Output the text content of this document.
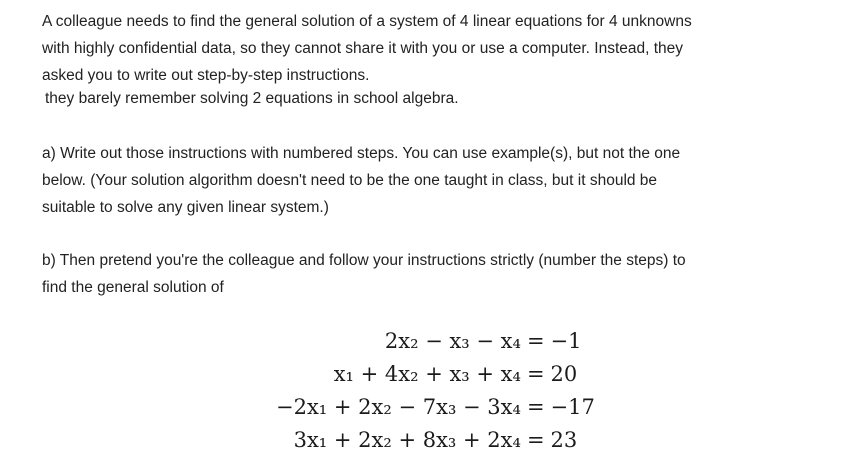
A colleague needs to find the general solution of a system of 4 linear equations for 4 unknowns
with highly confidential data, so they cannot share it with you or use a computer. Instead, they
asked you to write out step-by-step instructions.

they barely remember solving 2 equations in school algebra.

a) Write out those instructions with numbered steps. You can use example(s), but not the one
below. (Your solution algorithm doesn't need to be the one taught in class, but it should be
suitable to solve any given linear system.)

b) Then pretend you're the colleague and follow your instructions strictly (number the steps) to
find the general solution of

2x₂ − x₃ − x₄	=	−1
x₁ + 4x₂ + x₃ + x₄	=	20
−2x₁ + 2x₂ − 7x₃ − 3x₄	=	−17
3x₁ + 2x₂ + 8x₃ + 2x₄	=	23
